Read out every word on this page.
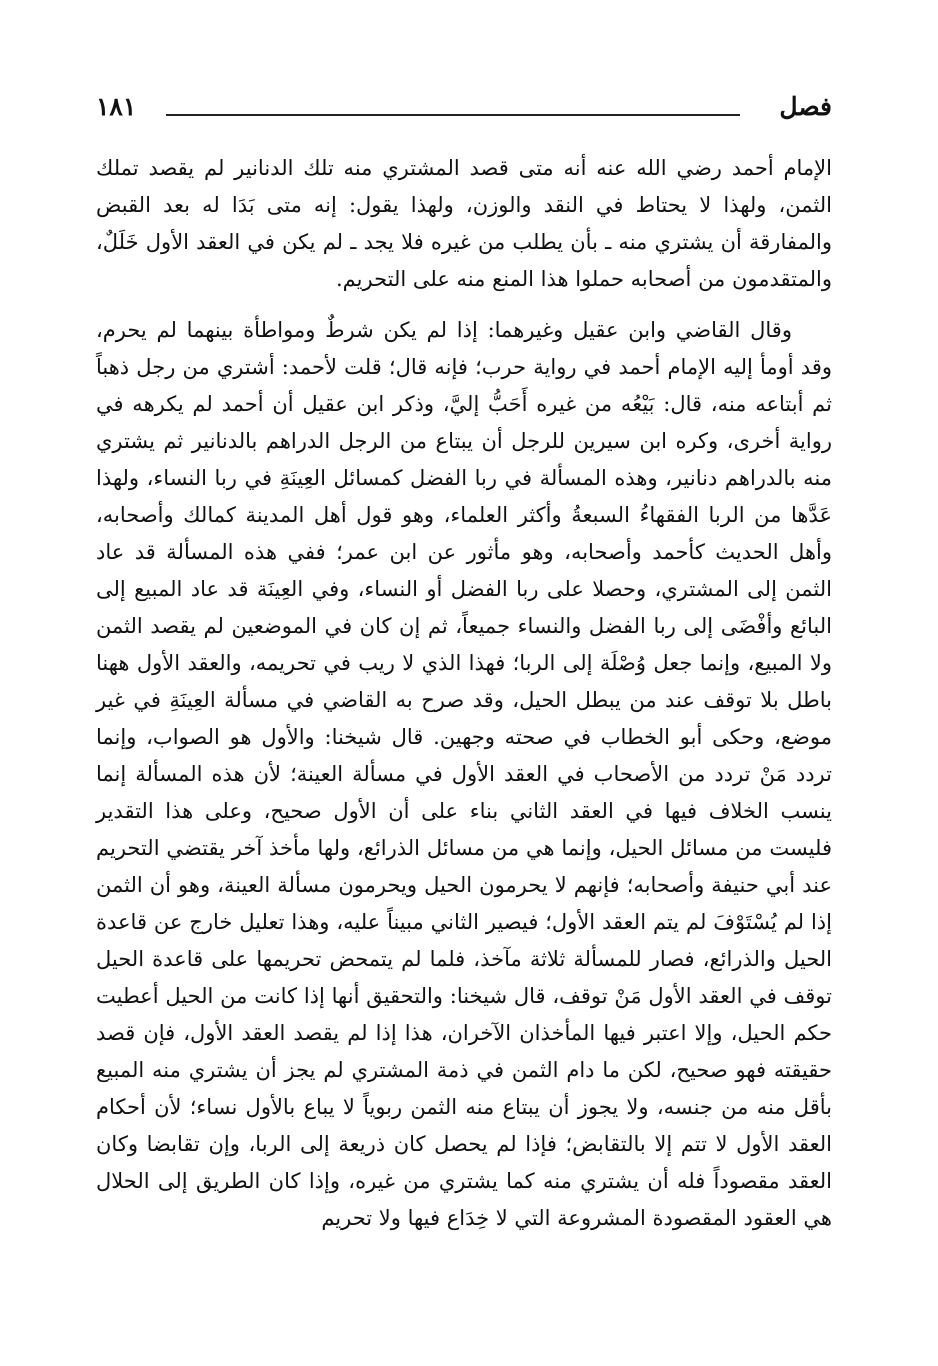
فصل
١٨١

الإمام أحمد رضي الله عنه أنه متى قصد المشتري منه تلك الدنانير لم يقصد تملك الثمن، ولهذا لا يحتاط في النقد والوزن، ولهذا يقول: إنه متى بَدَا له بعد القبض والمفارقة أن يشتري منه ـ بأن يطلب من غيره فلا يجد ـ لم يكن في العقد الأول خَلَلٌ، والمتقدمون من أصحابه حملوا هذا المنع منه على التحريم.

وقال القاضي وابن عقيل وغيرهما: إذا لم يكن شرطٌ ومواطأة بينهما لم يحرم، وقد أومأ إليه الإمام أحمد في رواية حرب؛ فإنه قال؛ قلت لأحمد: أشتري من رجل ذهباً ثم أبتاعه منه، قال: بَيْعُه من غيره أَحَبُّ إليَّ، وذكر ابن عقيل أن أحمد لم يكرهه في رواية أخرى، وكره ابن سيرين للرجل أن يبتاع من الرجل الدراهم بالدنانير ثم يشتري منه بالدراهم دنانير، وهذه المسألة في ربا الفضل كمسائل العِينَةِ في ربا النساء، ولهذا عَدَّها من الربا الفقهاءُ السبعةُ وأكثر العلماء، وهو قول أهل المدينة كمالك وأصحابه، وأهل الحديث كأحمد وأصحابه، وهو مأثور عن ابن عمر؛ ففي هذه المسألة قد عاد الثمن إلى المشتري، وحصلا على ربا الفضل أو النساء، وفي العِينَة قد عاد المبيع إلى البائع وأفْضَى إلى ربا الفضل والنساء جميعاً، ثم إن كان في الموضعين لم يقصد الثمن ولا المبيع، وإنما جعل وُصْلَة إلى الربا؛ فهذا الذي لا ريب في تحريمه، والعقد الأول ههنا باطل بلا توقف عند من يبطل الحيل، وقد صرح به القاضي في مسألة العِينَةِ في غير موضع، وحكى أبو الخطاب في صحته وجهين. قال شيخنا: والأول هو الصواب، وإنما تردد مَنْ تردد من الأصحاب في العقد الأول في مسألة العينة؛ لأن هذه المسألة إنما ينسب الخلاف فيها في العقد الثاني بناء على أن الأول صحيح، وعلى هذا التقدير فليست من مسائل الحيل، وإنما هي من مسائل الذرائع، ولها مأخذ آخر يقتضي التحريم عند أبي حنيفة وأصحابه؛ فإنهم لا يحرمون الحيل ويحرمون مسألة العينة، وهو أن الثمن إذا لم يُسْتَوْفَ لم يتم العقد الأول؛ فيصير الثاني مبيناً عليه، وهذا تعليل خارج عن قاعدة الحيل والذرائع، فصار للمسألة ثلاثة مآخذ، فلما لم يتمحض تحريمها على قاعدة الحيل توقف في العقد الأول مَنْ توقف، قال شيخنا: والتحقيق أنها إذا كانت من الحيل أعطيت حكم الحيل، وإلا اعتبر فيها المأخذان الآخران، هذا إذا لم يقصد العقد الأول، فإن قصد حقيقته فهو صحيح، لكن ما دام الثمن في ذمة المشتري لم يجز أن يشتري منه المبيع بأقل منه من جنسه، ولا يجوز أن يبتاع منه الثمن ربوياً لا يباع بالأول نساء؛ لأن أحكام العقد الأول لا تتم إلا بالتقابض؛ فإذا لم يحصل كان ذريعة إلى الربا، وإن تقابضا وكان العقد مقصوداً فله أن يشتري منه كما يشتري من غيره، وإذا كان الطريق إلى الحلال هي العقود المقصودة المشروعة التي لا خِدَاع فيها ولا تحريم
